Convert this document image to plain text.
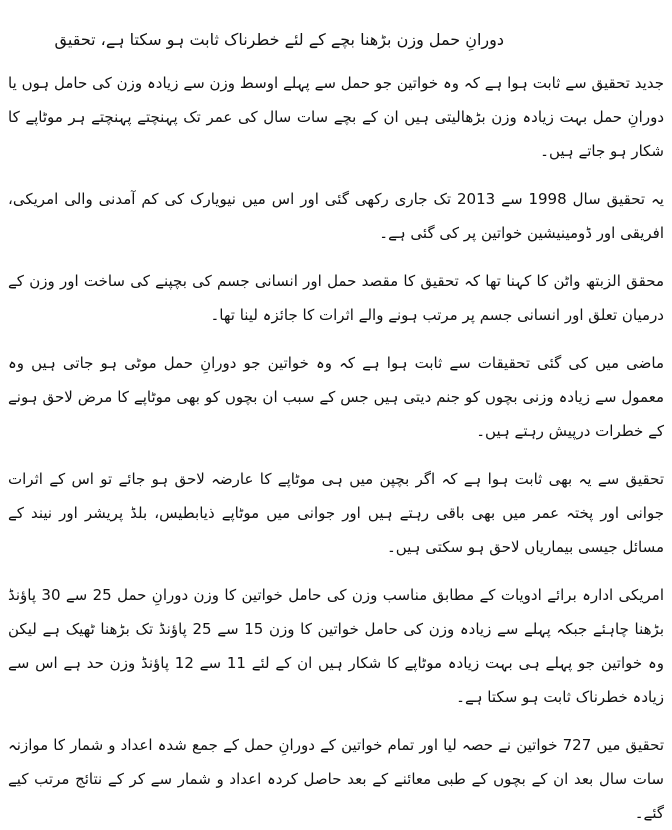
دورانِ حمل وزن بڑھنا بچے کے لئے خطرناک ثابت ہو سکتا ہے، تحقیق

جدید تحقیق سے ثابت ہوا ہے کہ وہ خواتین جو حمل سے پہلے اوسط وزن سے زیادہ وزن کی حامل ہوں یا دورانِ حمل بہت زیادہ وزن بڑھالیتی ہیں ان کے بچے سات سال کی عمر تک پہنچتے پہنچتے ہر موٹاپے کا شکار ہو جاتے ہیں۔

یہ تحقیق سال 1998 سے 2013 تک جاری رکھی گئی اور اس میں نیویارک کی کم آمدنی والی امریکی، افریقی اور ڈومینیشین خواتین پر کی گئی ہے۔

محقق الزبتھ واٹن کا کہنا تھا کہ تحقیق کا مقصد حمل اور انسانی جسم کی بچپنے کی ساخت اور وزن کے درمیان تعلق اور انسانی جسم پر مرتب ہونے والے اثرات کا جائزہ لینا تھا۔

ماضی میں کی گئی تحقیقات سے ثابت ہوا ہے کہ وہ خواتین جو دورانِ حمل موٹی ہو جاتی ہیں وہ معمول سے زیادہ وزنی بچوں کو جنم دیتی ہیں جس کے سبب ان بچوں کو بھی موٹاپے کا مرض لاحق ہونے کے خطرات درپیش رہتے ہیں۔

تحقیق سے یہ بھی ثابت ہوا ہے کہ اگر بچپن میں ہی موٹاپے کا عارضہ لاحق ہو جائے تو اس کے اثرات جوانی اور پختہ عمر میں بھی باقی رہتے ہیں اور جوانی میں موٹاپے ذیابطیس، بلڈ پریشر اور نیند کے مسائل جیسی بیماریاں لاحق ہو سکتی ہیں۔

امریکی ادارہ برائے ادویات کے مطابق مناسب وزن کی حامل خواتین کا وزن دورانِ حمل 25 سے 30 پاؤنڈ بڑھنا چاہئے جبکہ پہلے سے زیادہ وزن کی حامل خواتین کا وزن 15 سے 25 پاؤنڈ تک بڑھنا ٹھیک ہے لیکن وہ خواتین جو پہلے ہی بہت زیادہ موٹاپے کا شکار ہیں ان کے لئے 11 سے 12 پاؤنڈ وزن حد ہے اس سے زیادہ خطرناک ثابت ہو سکتا ہے۔

تحقیق میں 727 خواتین نے حصہ لیا اور تمام خواتین کے دورانِ حمل کے جمع شدہ اعداد و شمار کا موازنہ سات سال بعد ان کے بچوں کے طبی معائنے کے بعد حاصل کردہ اعداد و شمار سے کر کے نتائج مرتب کیے گئے۔
